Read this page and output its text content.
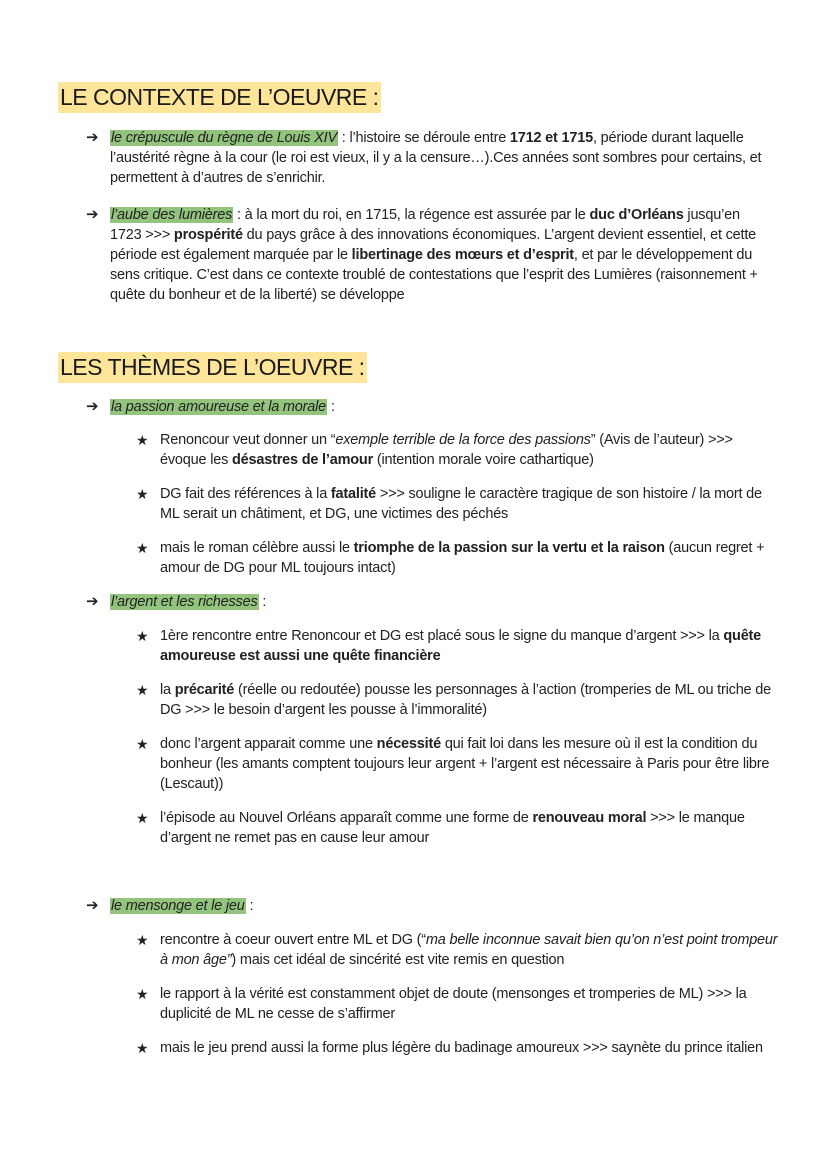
LE CONTEXTE DE L’OEUVRE :
➔ le crépuscule du règne de Louis XIV : l’histoire se déroule entre 1712 et 1715, période durant laquelle l’austérité règne à la cour (le roi est vieux, il y a la censure…).Ces années sont sombres pour certains, et permettent à d’autres de s’enrichir.
➔ l’aube des lumières : à la mort du roi, en 1715, la régence est assurée par le duc d’Orléans jusqu’en 1723 >>> prospérité du pays grâce à des innovations économiques. L’argent devient essentiel, et cette période est également marquée par le libertinage des mœurs et d’esprit, et par le développement du sens critique. C’est dans ce contexte troublé de contestations que l’esprit des Lumières (raisonnement + quête du bonheur et de la liberté) se développe
LES THÈMES DE L’OEUVRE :
➔ la passion amoureuse et la morale :
★ Renoncour veut donner un “exemple terrible de la force des passions” (Avis de l’auteur) >>> évoque les désastres de l’amour (intention morale voire cathartique)
★ DG fait des références à la fatalité >>> souligne le caractère tragique de son histoire / la mort de ML serait un châtiment, et DG, une victimes des péchés
★ mais le roman célèbre aussi le triomphe de la passion sur la vertu et la raison (aucun regret + amour de DG pour ML toujours intact)
➔ l’argent et les richesses :
★ 1ère rencontre entre Renoncour et DG est placé sous le signe du manque d’argent >>> la quête amoureuse est aussi une quête financière
★ la précarité (réelle ou redoutée) pousse les personnages à l’action (tromperies de ML ou triche de DG >>> le besoin d’argent les pousse à l’immoralité)
★ donc l’argent apparait comme une nécessité qui fait loi dans les mesure où il est la condition du bonheur (les amants comptent toujours leur argent + l’argent est nécessaire à Paris pour être libre (Lescaut))
★ l’épisode au Nouvel Orléans apparaît comme une forme de renouveau moral >>> le manque d’argent ne remet pas en cause leur amour
➔ le mensonge et le jeu :
★ rencontre à coeur ouvert entre ML et DG (“ma belle inconnue savait bien qu’on n’est point trompeur à mon âge”) mais cet idéal de sincérité est vite remis en question
★ le rapport à la vérité est constamment objet de doute (mensonges et tromperies de ML) >>> la duplicité de ML ne cesse de s’affirmer
★ mais le jeu prend aussi la forme plus légère du badinage amoureux >>> saynète du prince italien
